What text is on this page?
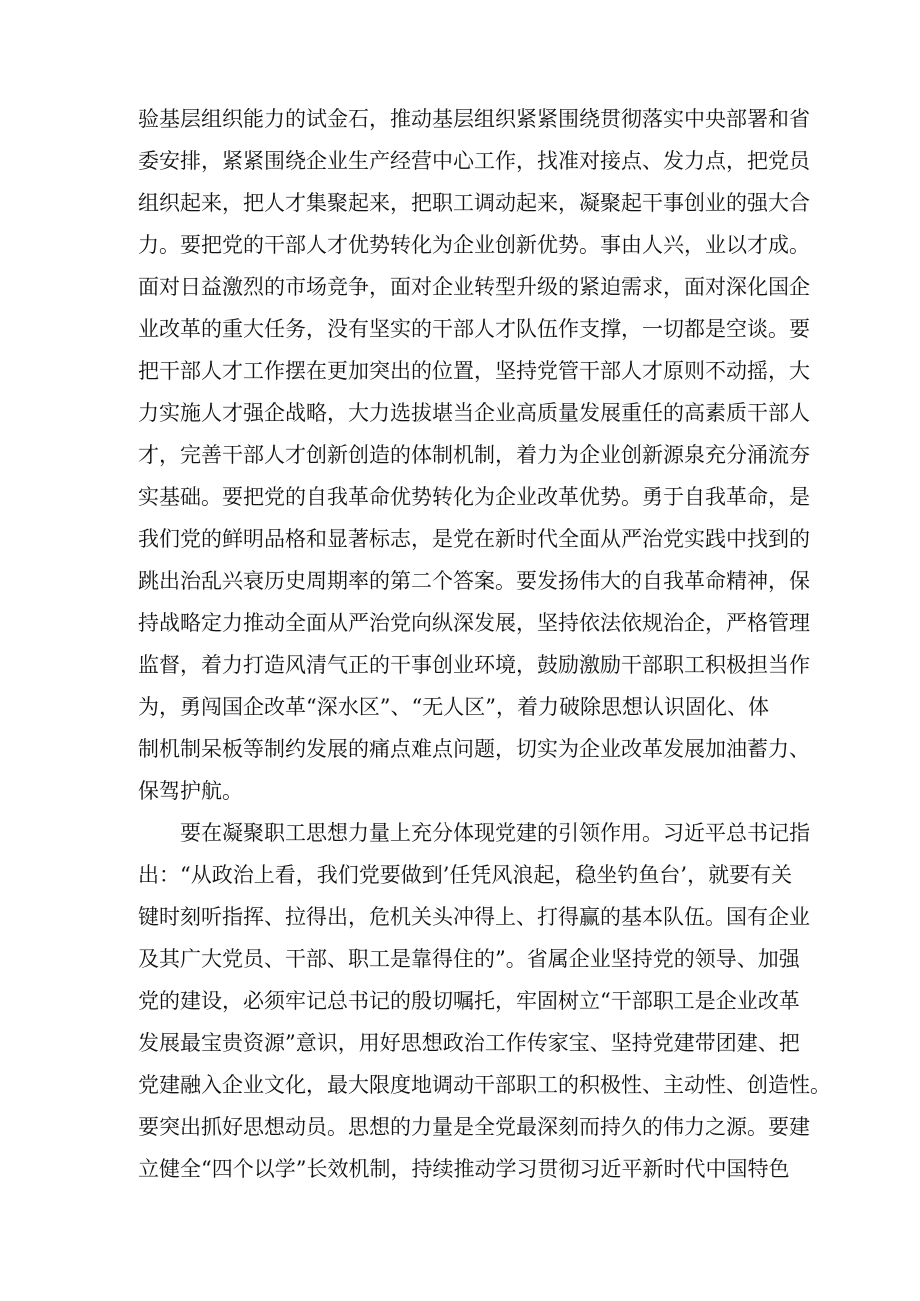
验基层组织能力的试金石，推动基层组织紧紧围绕贯彻落实中央部署和省

委安排，紧紧围绕企业生产经营中心工作，找准对接点、发力点，把党员

组织起来，把人才集聚起来，把职工调动起来，凝聚起干事创业的强大合

力。要把党的干部人才优势转化为企业创新优势。事由人兴，业以才成。

面对日益激烈的市场竞争，面对企业转型升级的紧迫需求，面对深化国企

业改革的重大任务，没有坚实的干部人才队伍作支撑，一切都是空谈。要

把干部人才工作摆在更加突出的位置，坚持党管干部人才原则不动摇，大

力实施人才强企战略，大力选拔堪当企业高质量发展重任的高素质干部人

才，完善干部人才创新创造的体制机制，着力为企业创新源泉充分涌流夯

实基础。要把党的自我革命优势转化为企业改革优势。勇于自我革命，是

我们党的鲜明品格和显著标志，是党在新时代全面从严治党实践中找到的

跳出治乱兴衰历史周期率的第二个答案。要发扬伟大的自我革命精神，保

持战略定力推动全面从严治党向纵深发展，坚持依法依规治企，严格管理

监督，着力打造风清气正的干事创业环境，鼓励激励干部职工积极担当作

为，勇闯国企改革“深水区”、“无人区”，着力破除思想认识固化、体

制机制呆板等制约发展的痛点难点问题，切实为企业改革发展加油蓄力、

保驾护航。

　　要在凝聚职工思想力量上充分体现党建的引领作用。习近平总书记指

出：“从政治上看，我们党要做到’任凭风浪起，稳坐钓鱼台’，就要有关

键时刻听指挥、拉得出，危机关头冲得上、打得赢的基本队伍。国有企业

及其广大党员、干部、职工是靠得住的”。省属企业坚持党的领导、加强

党的建设，必须牢记总书记的殷切嘱托，牢固树立“干部职工是企业改革

发展最宝贵资源”意识，用好思想政治工作传家宝、坚持党建带团建、把

党建融入企业文化，最大限度地调动干部职工的积极性、主动性、创造性。

要突出抓好思想动员。思想的力量是全党最深刻而持久的伟力之源。要建

立健全“四个以学”长效机制，持续推动学习贯彻习近平新时代中国特色
